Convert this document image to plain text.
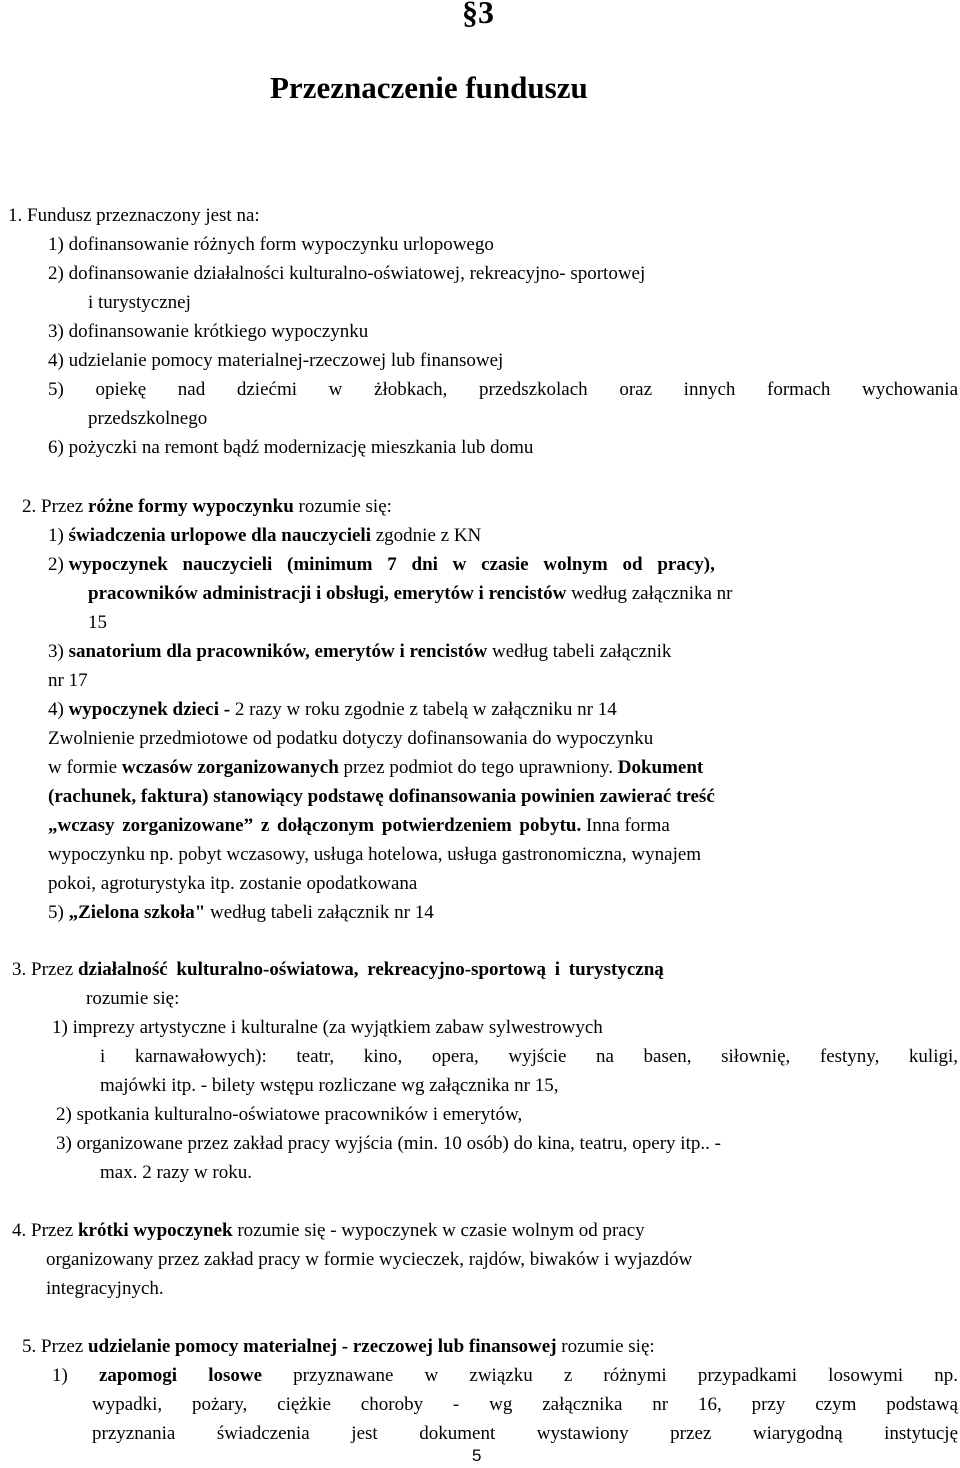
§3
Przeznaczenie funduszu
1. Fundusz przeznaczony jest na:
1) dofinansowanie różnych form wypoczynku urlopowego
2) dofinansowanie działalności kulturalno-oświatowej, rekreacyjno- sportowej
i turystycznej
3) dofinansowanie krótkiego wypoczynku
4) udzielanie pomocy materialnej-rzeczowej lub finansowej
5) opiekę nad dziećmi w żłobkach, przedszkolach oraz innych formach wychowania
przedszkolnego
6) pożyczki na remont bądź modernizację mieszkania lub domu
2. Przez różne formy wypoczynku rozumie się:
1) świadczenia urlopowe dla nauczycieli zgodnie z KN
2) wypoczynek nauczycieli (minimum 7 dni w czasie wolnym od pracy),
pracowników administracji i obsługi, emerytów i rencistów według załącznika nr
15
3) sanatorium dla pracowników, emerytów i rencistów według tabeli załącznik
nr 17
4) wypoczynek dzieci - 2 razy w roku zgodnie z tabelą w załączniku nr 14
Zwolnienie przedmiotowe od podatku dotyczy dofinansowania do wypoczynku
w formie wczasów zorganizowanych przez podmiot do tego uprawniony. Dokument
(rachunek, faktura) stanowiący podstawę dofinansowania powinien zawierać treść
„wczasy zorganizowane” z dołączonym potwierdzeniem pobytu. Inna forma
wypoczynku np. pobyt wczasowy, usługa hotelowa, usługa gastronomiczna, wynajem
pokoi, agroturystyka itp. zostanie opodatkowana
5) „Zielona szkoła" według tabeli załącznik nr 14
3. Przez działalność kulturalno-oświatowa, rekreacyjno-sportową i turystyczną
rozumie się:
1) imprezy artystyczne i kulturalne (za wyjątkiem zabaw sylwestrowych
i karnawałowych): teatr, kino, opera, wyjście na basen, siłownię, festyny, kuligi,
majówki itp. - bilety wstępu rozliczane wg załącznika nr 15,
2) spotkania kulturalno-oświatowe pracowników i emerytów,
3) organizowane przez zakład pracy wyjścia (min. 10 osób) do kina, teatru, opery itp.. -
max. 2 razy w roku.
4. Przez krótki wypoczynek rozumie się - wypoczynek w czasie wolnym od pracy
organizowany przez zakład pracy w formie wycieczek, rajdów, biwaków i wyjazdów
integracyjnych.
5. Przez udzielanie pomocy materialnej - rzeczowej lub finansowej rozumie się:
1) zapomogi losowe przyznawane w związku z różnymi przypadkami losowymi np.
wypadki, pożary, ciężkie choroby - wg załącznika nr 16, przy czym podstawą
przyznania świadczenia jest dokument wystawiony przez wiarygodną instytucję
5
